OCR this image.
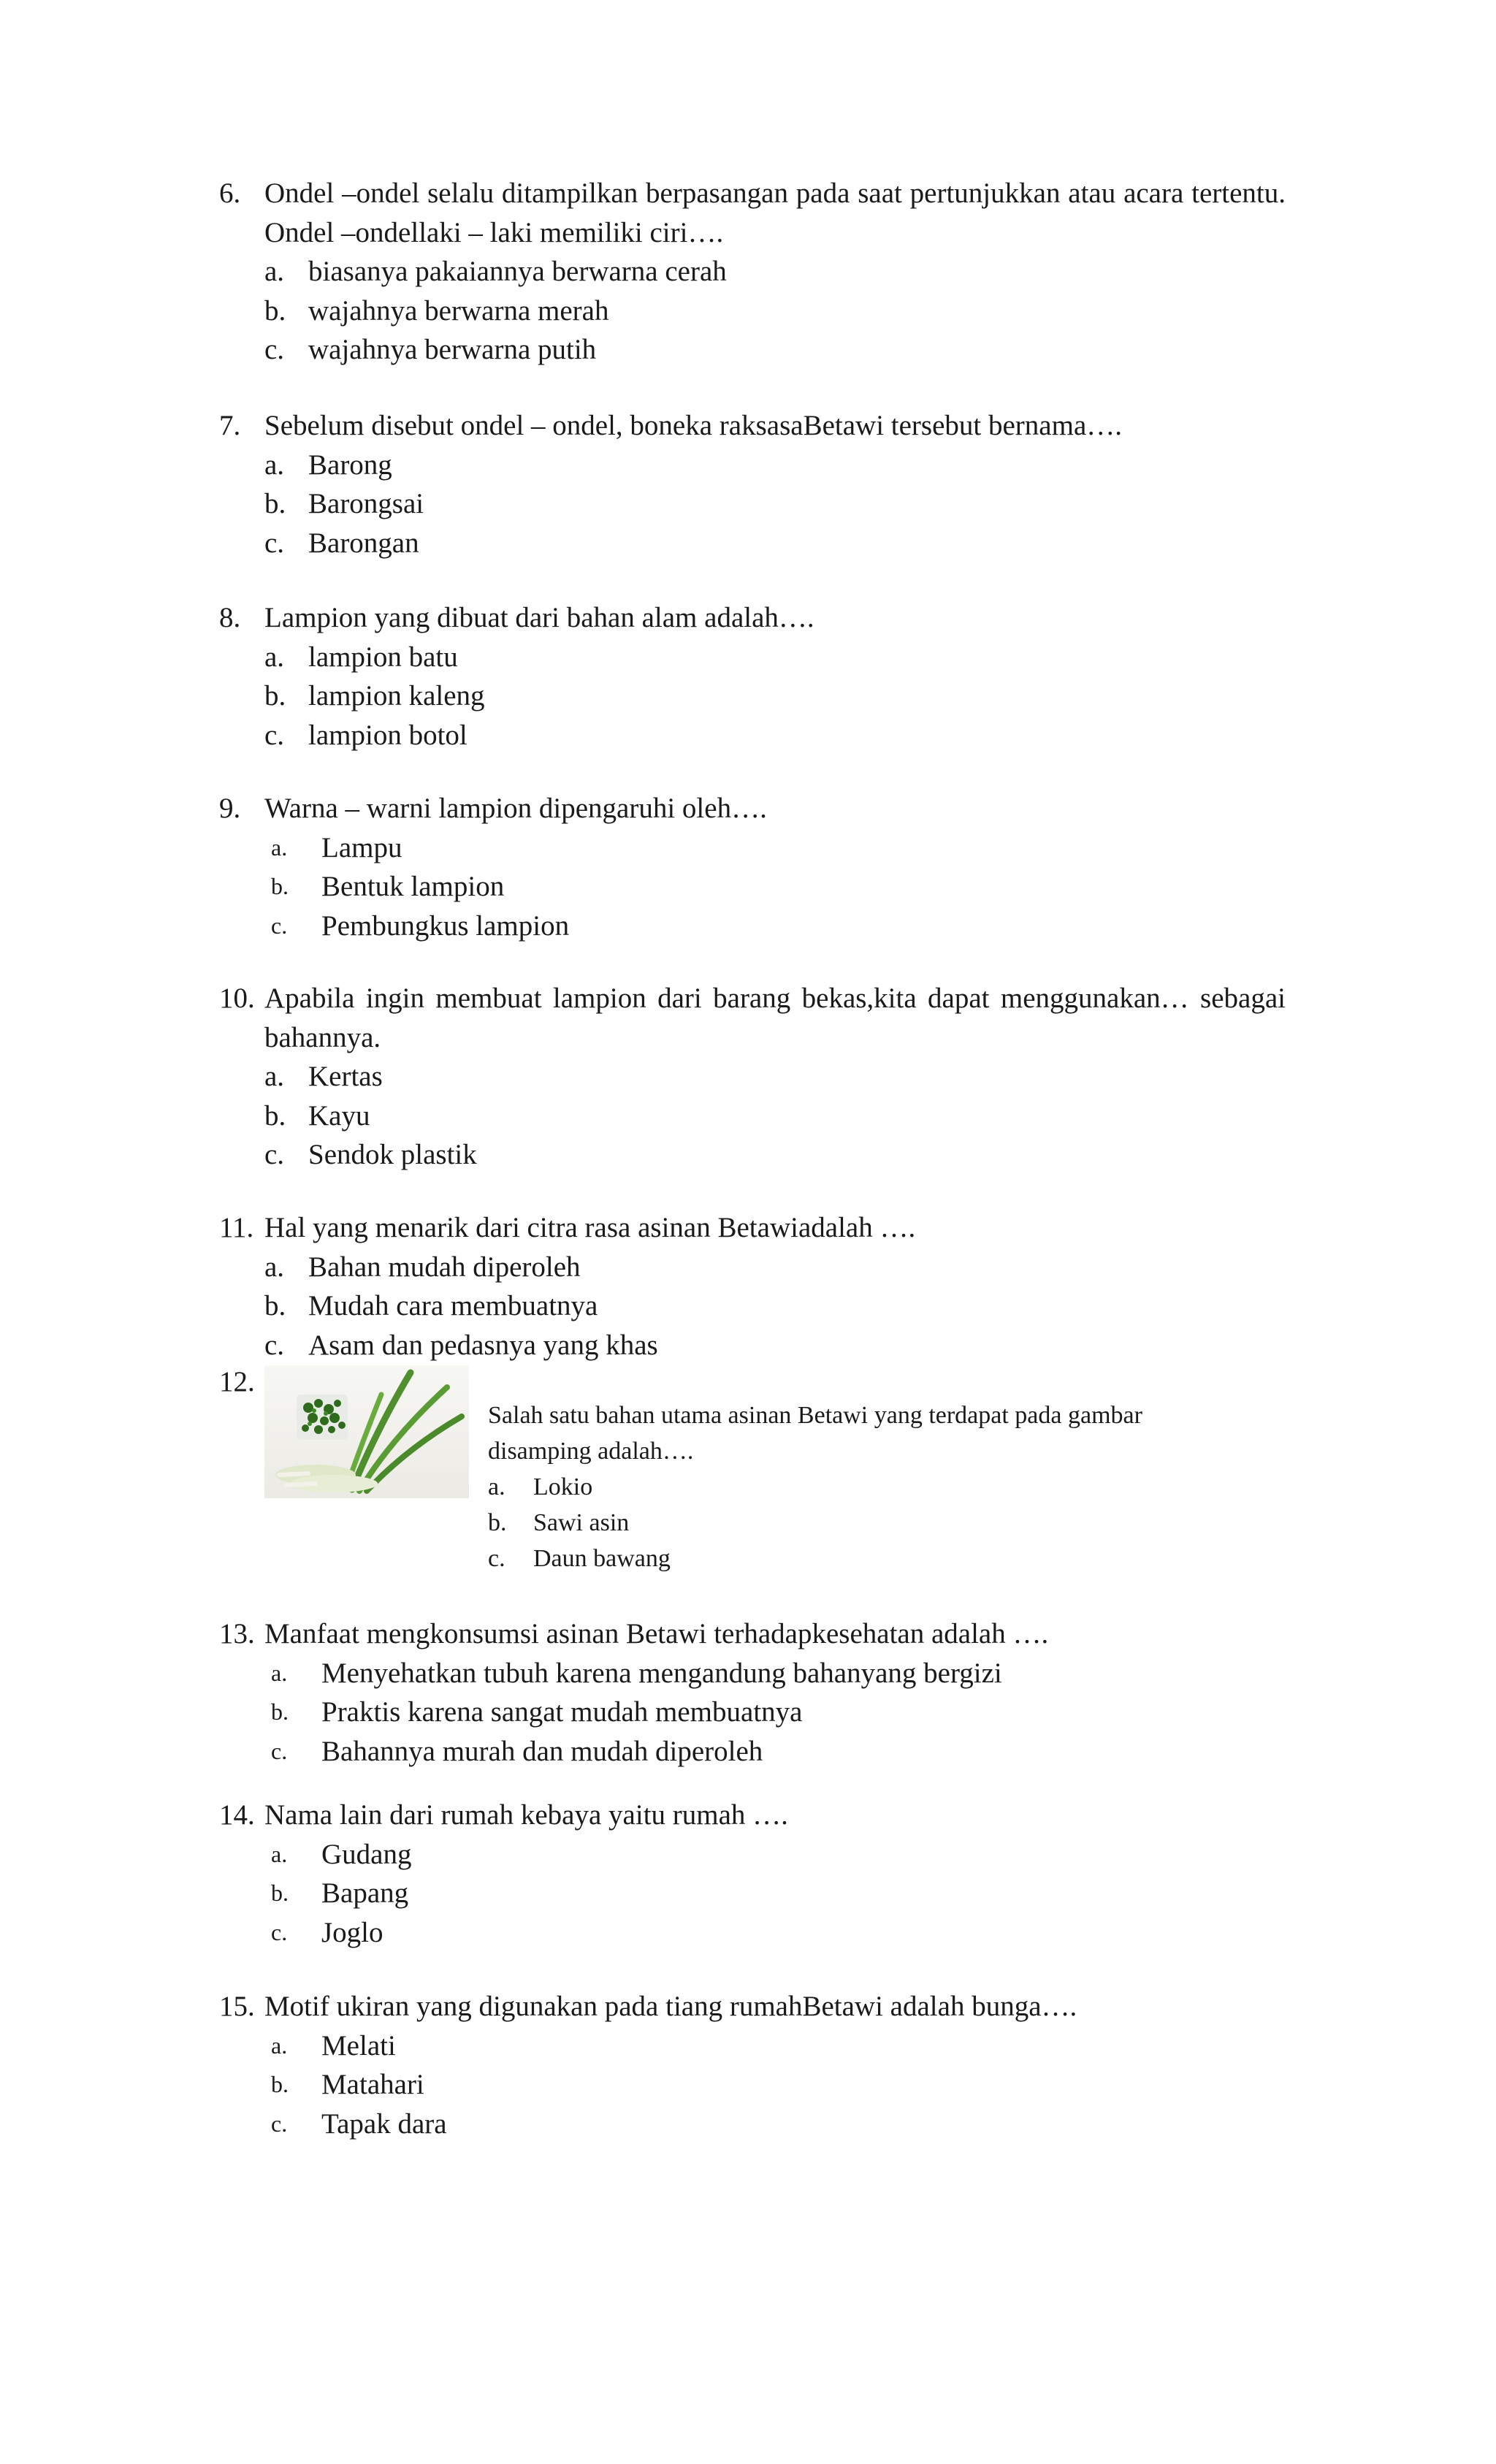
6. Ondel –ondel selalu ditampilkan berpasangan pada saat pertunjukkan atau acara tertentu. Ondel –ondellaki – laki memiliki ciri….
a. biasanya pakaiannya berwarna cerah
b. wajahnya berwarna merah
c. wajahnya berwarna putih
7. Sebelum disebut ondel – ondel, boneka raksasaBetawi tersebut bernama….
a. Barong
b. Barongsai
c. Barongan
8. Lampion yang dibuat dari bahan alam adalah….
a. lampion batu
b. lampion kaleng
c. lampion botol
9. Warna – warni lampion dipengaruhi oleh….
a.	Lampu
b.	Bentuk lampion
c.	Pembungkus lampion
10. Apabila ingin membuat lampion dari barang bekas,kita dapat menggunakan… sebagai bahannya.
a. Kertas
b. Kayu
c. Sendok plastik
11. Hal yang menarik dari citra rasa asinan Betawiadalah ….
a. Bahan mudah diperoleh
b. Mudah cara membuatnya
c. Asam dan pedasnya yang khas
12.
Salah satu bahan utama asinan Betawi yang terdapat pada gambar disamping adalah….
a.	Lokio
b.	Sawi asin
c.	Daun bawang
13. Manfaat mengkonsumsi asinan Betawi terhadapkesehatan adalah ….
a.	Menyehatkan tubuh karena mengandung bahanyang bergizi
b.	Praktis karena sangat mudah membuatnya
c.	Bahannya murah dan mudah diperoleh
14. Nama lain dari rumah kebaya yaitu rumah ….
a.	Gudang
b.	Bapang
c.	Joglo
15. Motif ukiran yang digunakan pada tiang rumahBetawi adalah bunga….
a.	Melati
b.	Matahari
c.	Tapak dara
